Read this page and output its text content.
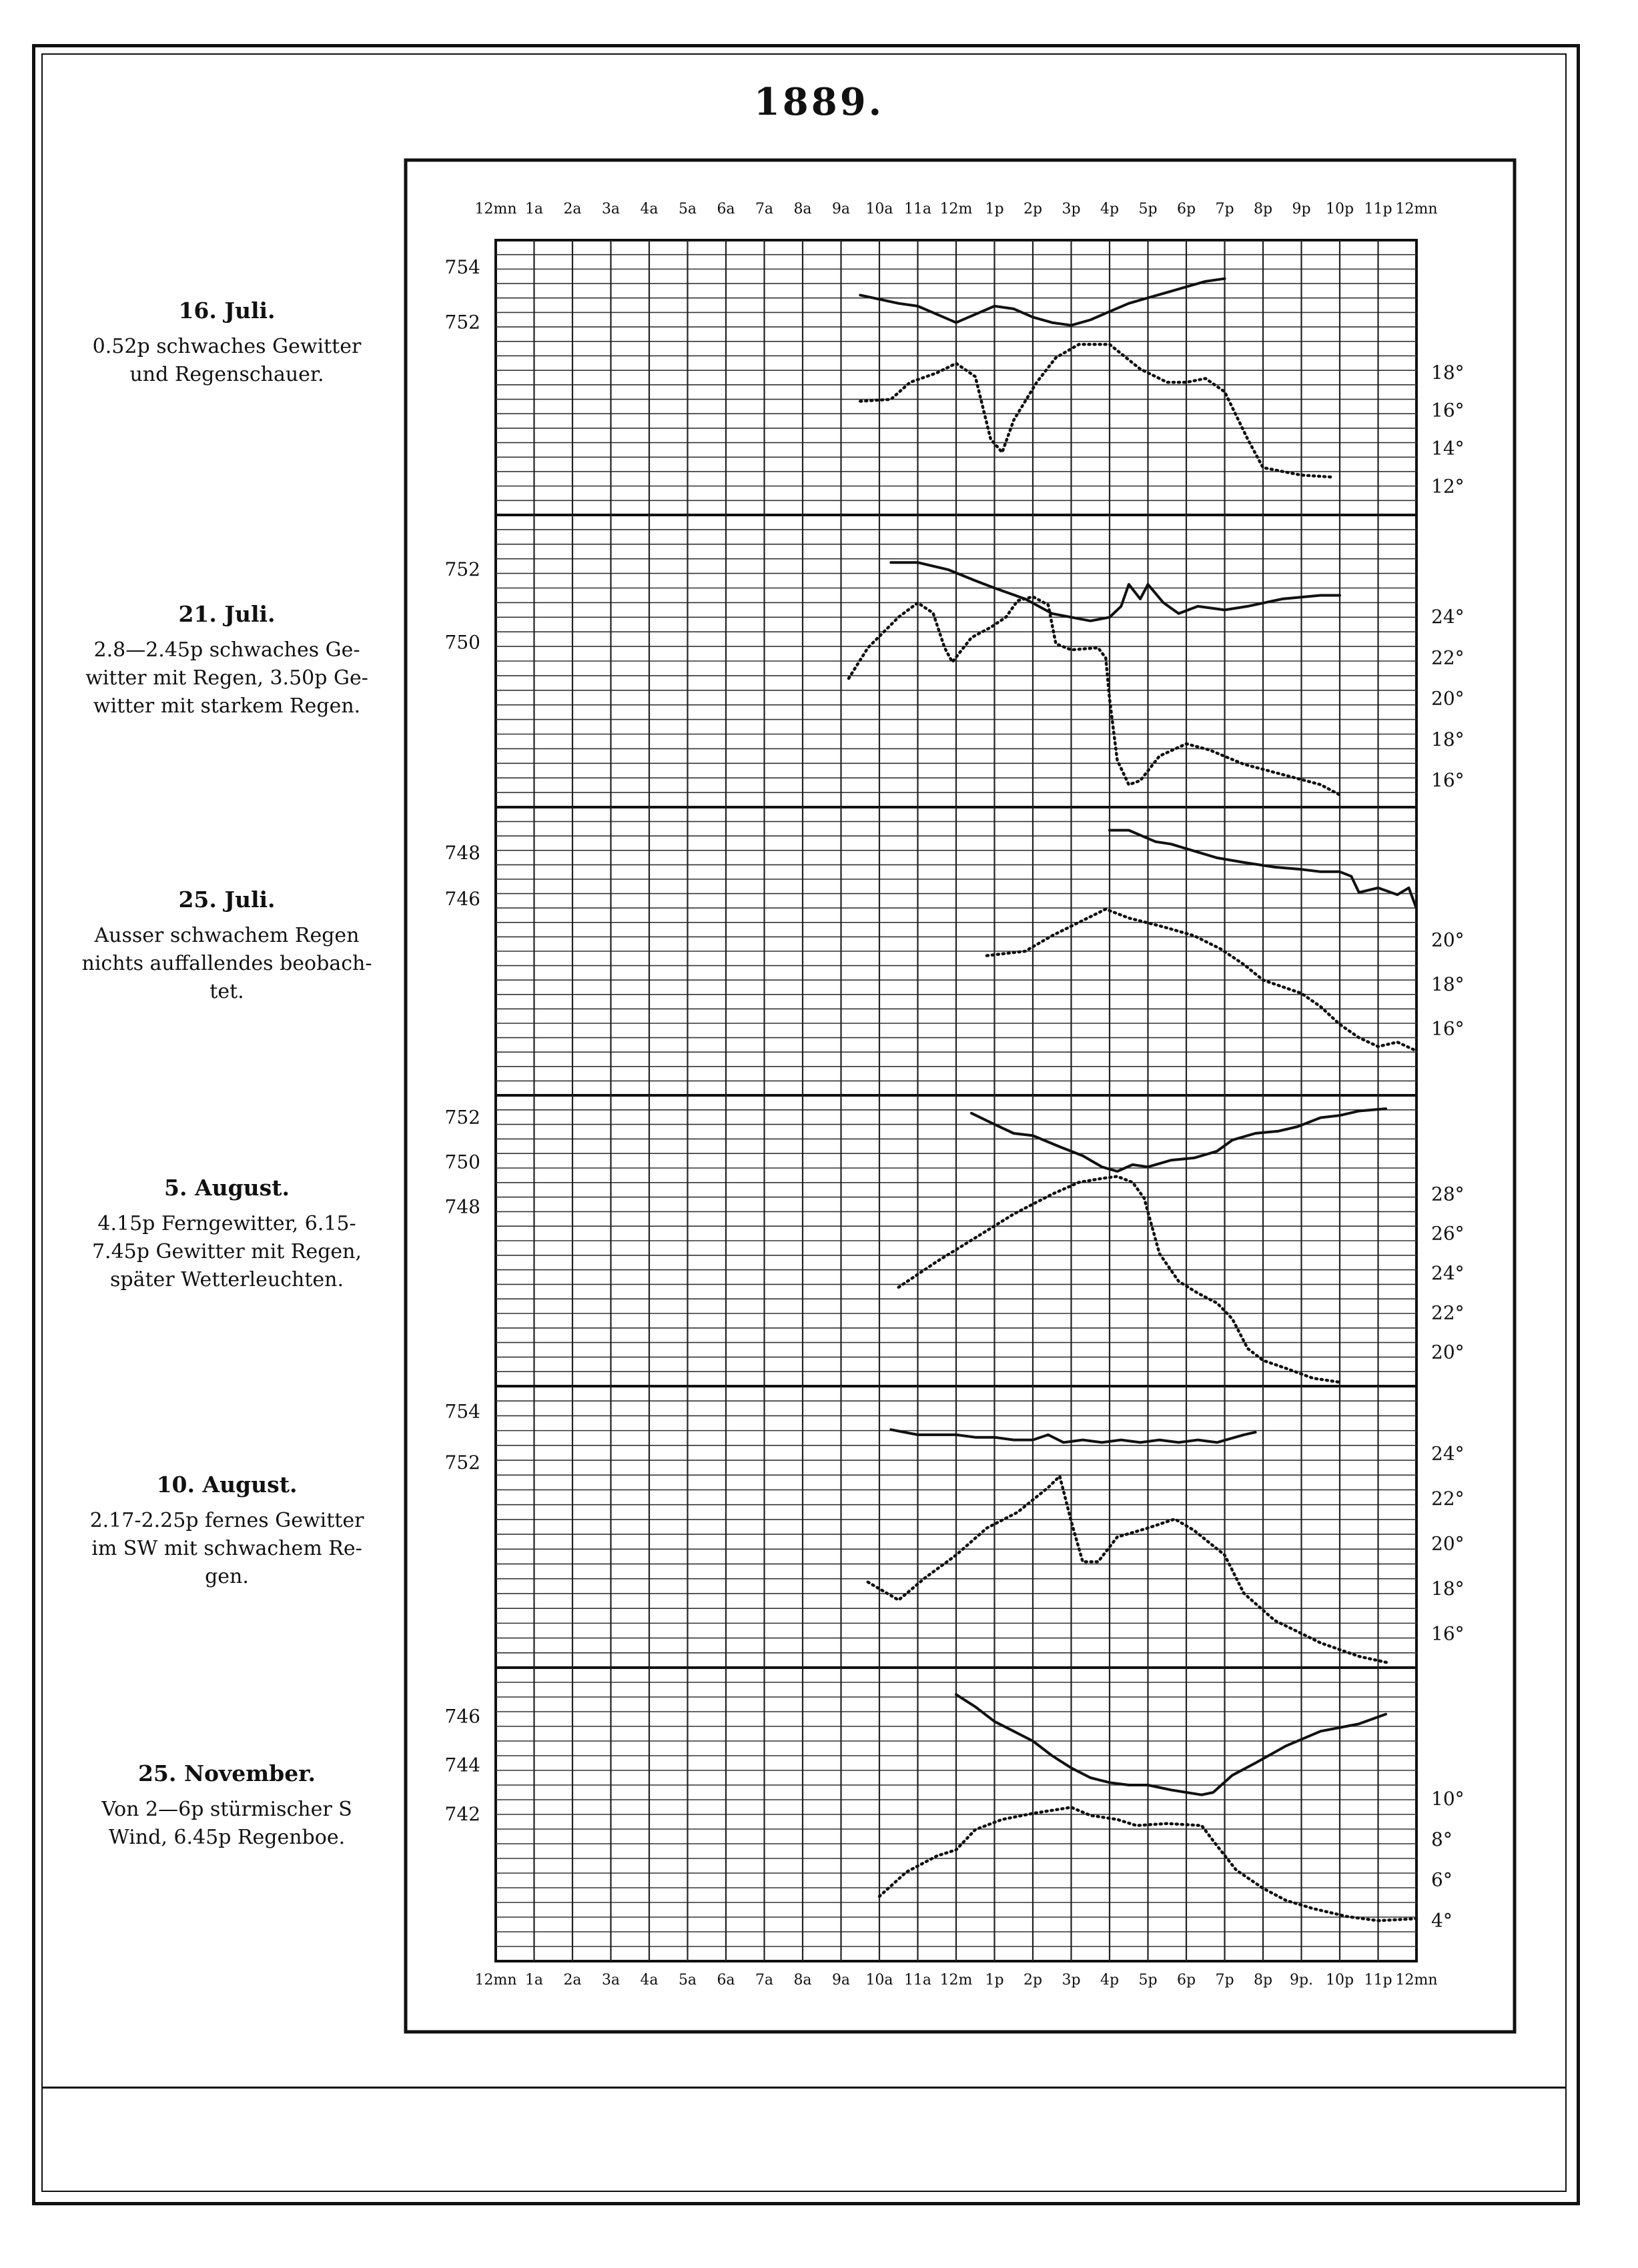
1889.
12mn 1a 2a 3a 4a 5a 6a 7a 8a 9a 10a 11a 12m 1p 2p 3p 4p 5p 6p 7p 8p 9p 10p 11p 12mn
12mn 1a 2a 3a 4a 5a 6a 7a 8a 9a 10a 11a 12m 1p 2p 3p 4p 5p 6p 7p 8p 9p. 10p 11p 12mn
754
752
18°
16°
14°
12°
752
750
24°
22°
20°
18°
16°
748
746
20°
18°
16°
752
750
748
28°
26°
24°
22°
20°
754
752	24°
22°
20°
18°
16°
746
744
742
10°
8°
6°
4°
16. Juli.
0.52p schwaches Gewitter
und Regenschauer.
21. Juli.
2.8—2.45p schwaches Ge-
witter mit Regen, 3.50p Ge-
witter mit starkem Regen.
25. Juli.
Ausser schwachem Regen
nichts auffallendes beobach-
tet.
5. August.
4.15p Ferngewitter, 6.15-
7.45p Gewitter mit Regen,
später Wetterleuchten.
10. August.
2.17-2.25p fernes Gewitter
im SW mit schwachem Re-
gen.
25. November.
Von 2—6p stürmischer S
Wind, 6.45p Regenboe.
